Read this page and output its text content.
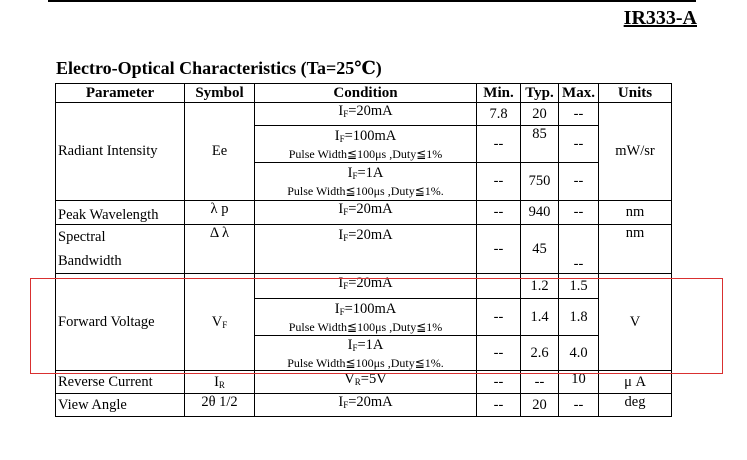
IR333-A
Electro-Optical Characteristics (Ta=25℃)
Parameter	Symbol	Condition	Min.	Typ.	Max.	Units
Radiant Intensity	Ee	$I_F=20mA$	7.8	20	--	mW/sr

		$I_F=100mA$
Pulse Width≦100μs ,Duty≦1%	--	85	--	

		$I_F=1A$
Pulse Width≦100μs ,Duty≦1%.	--	750	--	
Peak Wavelength	λ p	$I_F=20mA$	--	940	--	nm

Spectral
Bandwidth	Δ λ	$I_F=20mA$	--	45	--	nm
Forward Voltage	$V_F$	$I_F=20mA$		1.2	1.5	V

		$I_F=100mA$
Pulse Width≦100μs ,Duty≦1%	--	1.4	1.8	

		$I_F=1A$
Pulse Width≦100μs ,Duty≦1%.	--	2.6	4.0	
Reverse Current	$I_R$	$V_R=5V$	--	--	10	μ A
View Angle	2θ 1/2	$I_F=20mA$	--	20	--	deg
